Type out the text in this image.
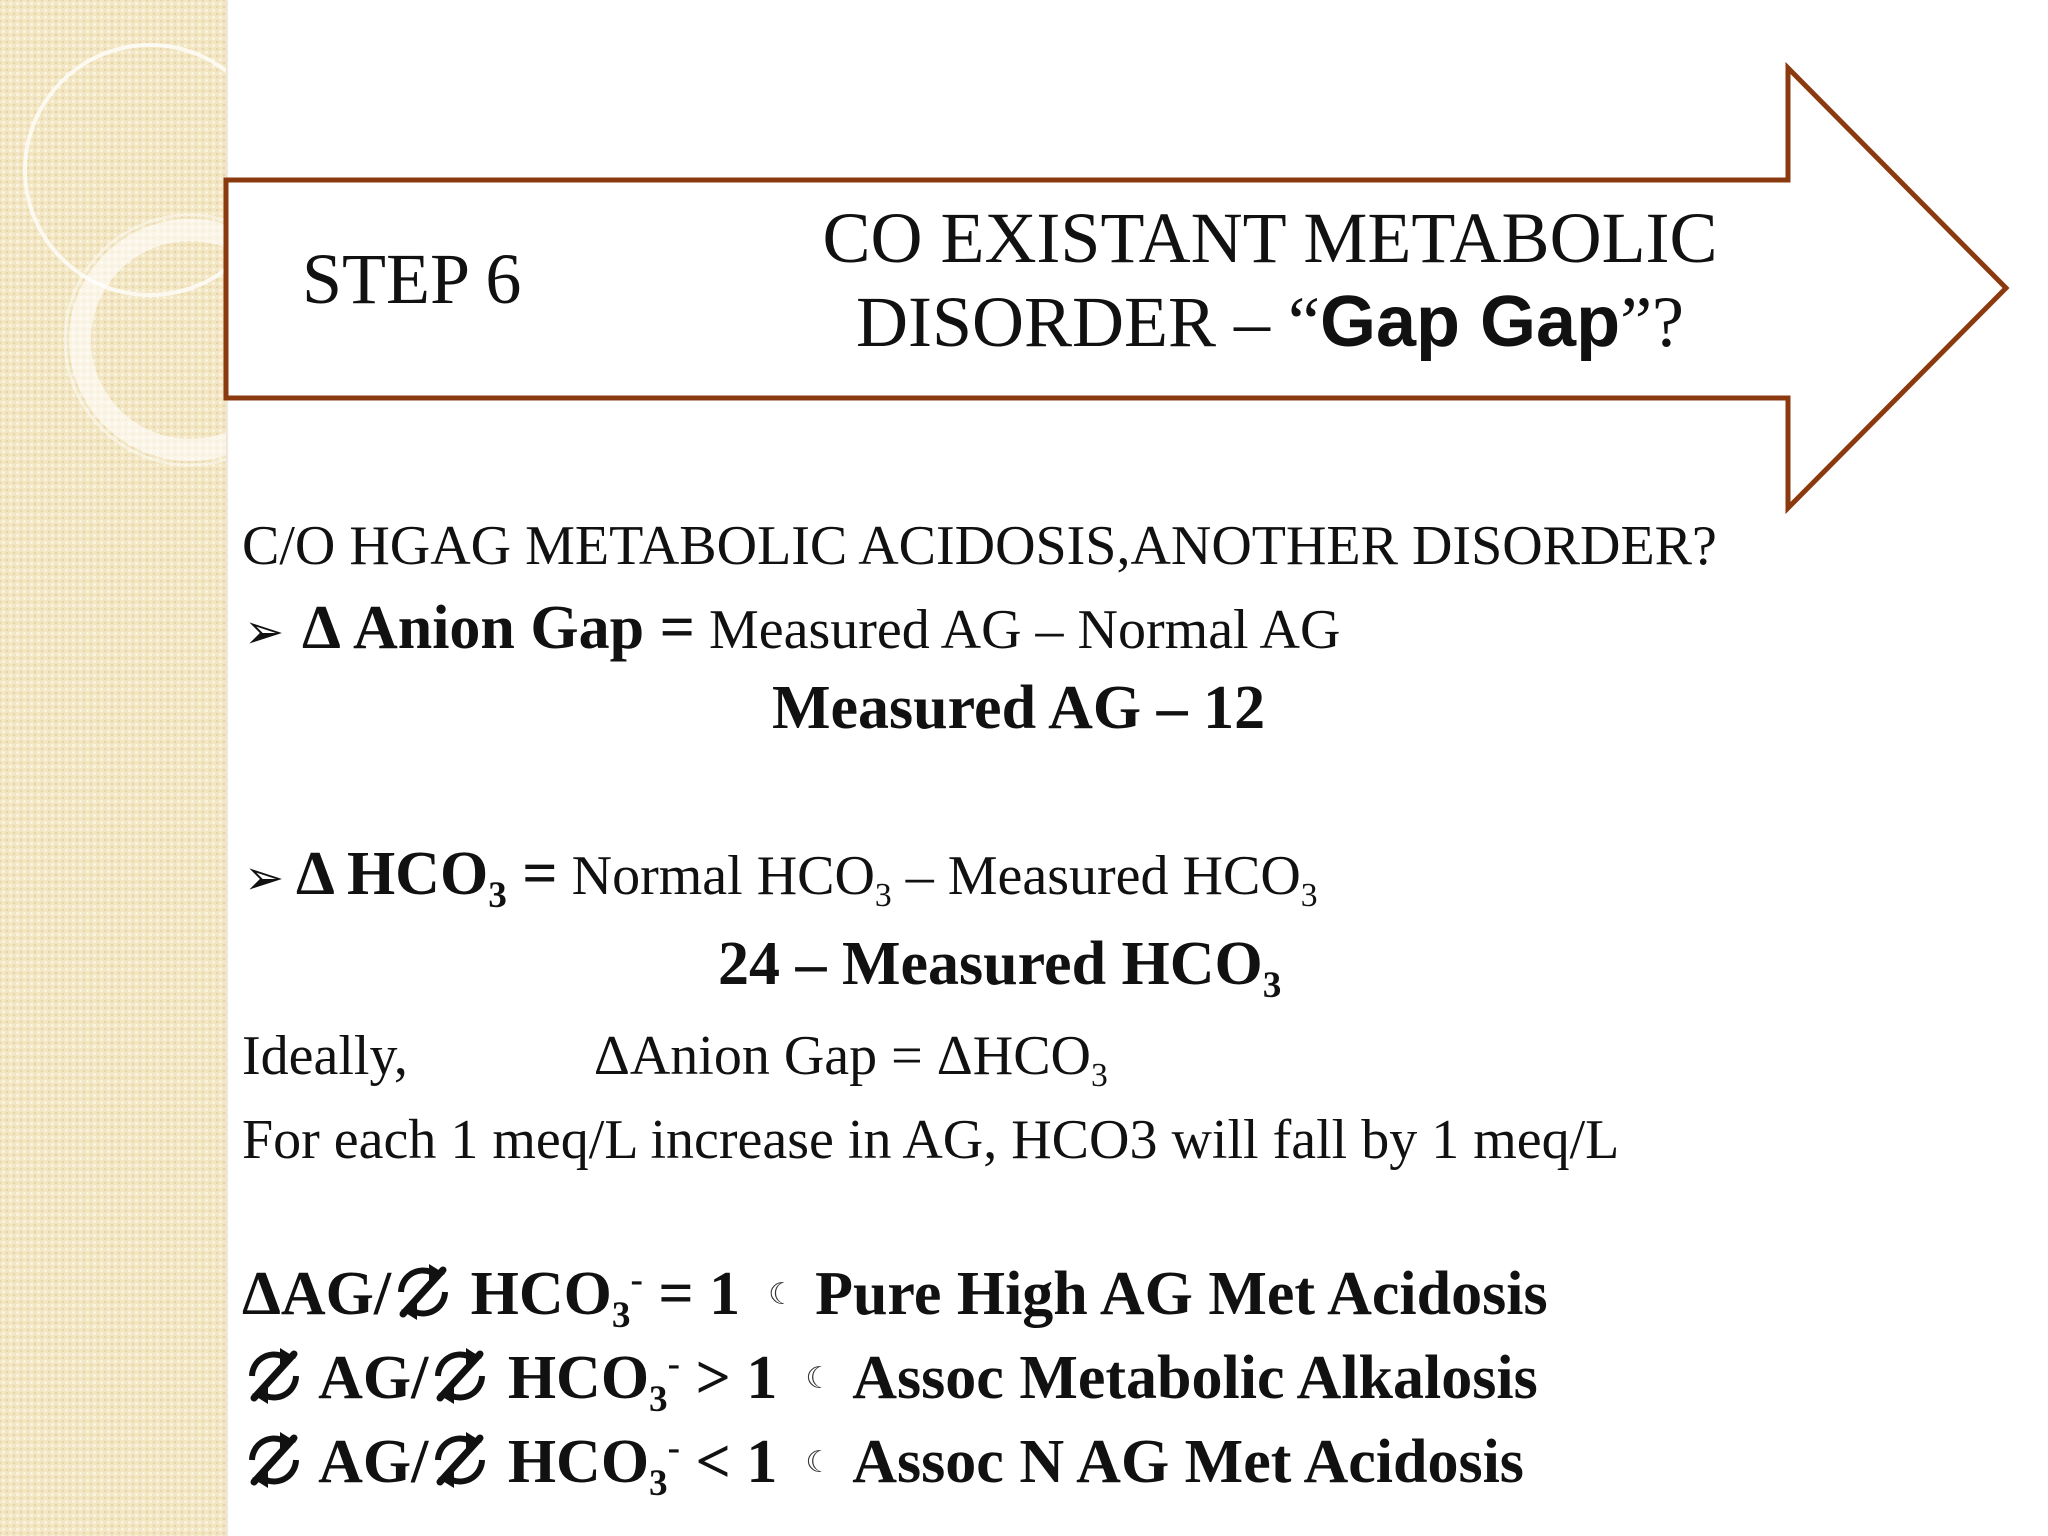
STEP 6
CO EXISTANT METABOLIC
DISORDER – “Gap Gap”?
C/O HGAG METABOLIC ACIDOSIS,ANOTHER DISORDER?
➢ Δ Anion Gap = Measured AG – Normal AG
Measured AG – 12
➢ Δ $HCO_3$ = Normal $HCO_3$ – Measured $HCO_3$
24 – Measured $HCO_3$
Ideally,	ΔAnion Gap = $\Delta HCO_3$
For each 1 meq/L increase in AG, HCO3 will fall by 1 meq/L
ΔAG/ $HCO_3^- = 1$ ☾ Pure High AG Met Acidosis
AG/ $HCO_3^- > 1$ ☾ Assoc Metabolic Alkalosis
AG/ $HCO_3^- < 1$ ☾ Assoc N AG Met Acidosis
